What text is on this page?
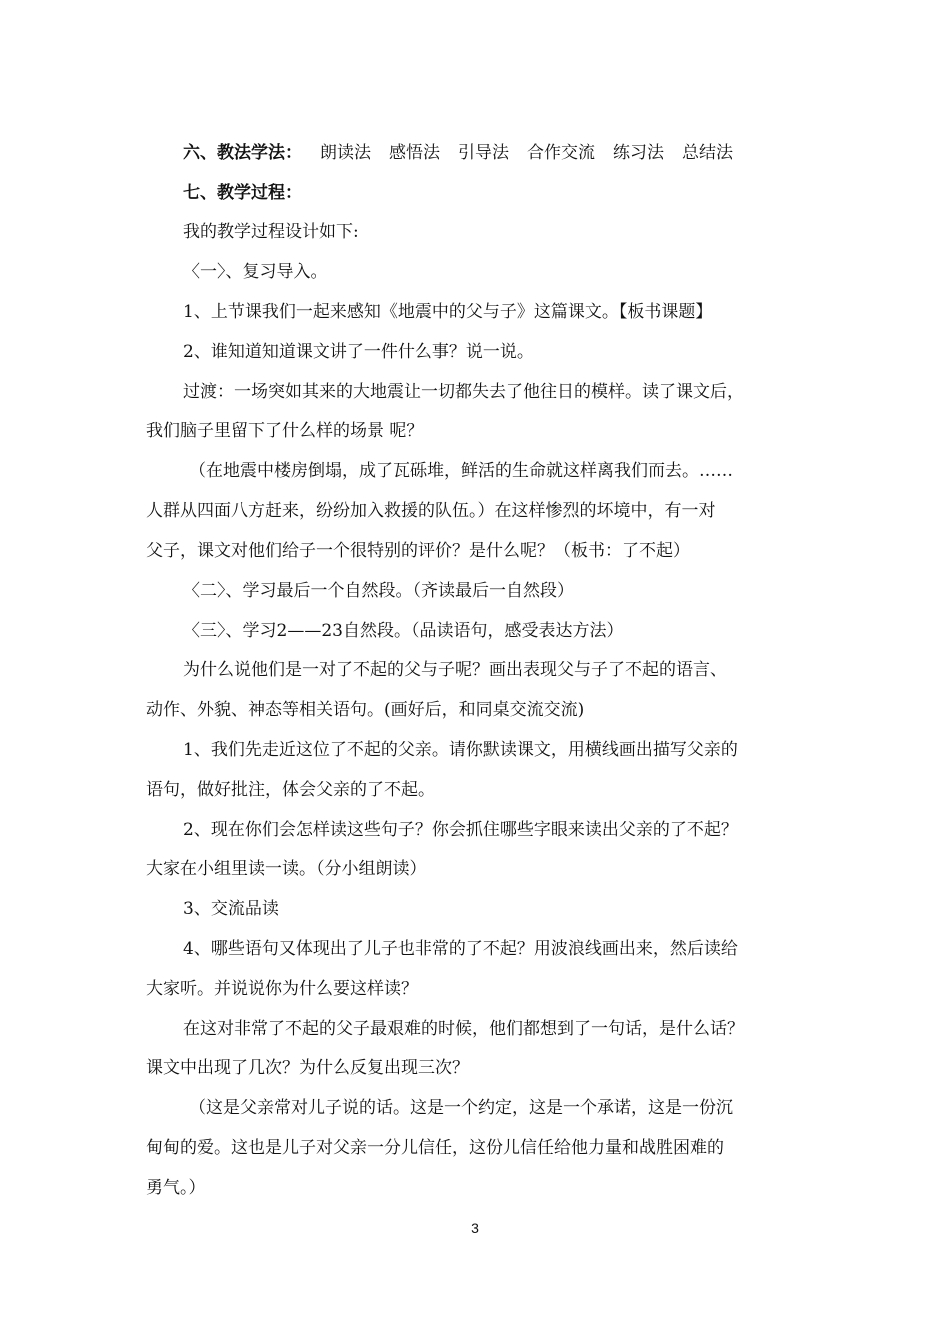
六、教法学法： 朗读法 感悟法 引导法 合作交流 练习法 总结法
七、教学过程：
我的教学过程设计如下:
〈一〉、复习导入。
1、上节课我们一起来感知《地震中的父与子》这篇课文。【板书课题】
2、谁知道知道课文讲了一件什么事？说一说。
过渡：一场突如其来的大地震让一切都失去了他往日的模样。读了课文后，
我们脑子里留下了什么样的场景 呢？
（在地震中楼房倒塌，成了瓦砾堆，鲜活的生命就这样离我们而去。……
人群从四面八方赶来，纷纷加入救援的队伍。）在这样惨烈的坏境中，有一对
父子，课文对他们给子一个很特别的评价？是什么呢？（板书：了不起）
〈二〉、学习最后一个自然段。（齐读最后一自然段）
〈三〉、学习2——23自然段。（品读语句，感受表达方法）
为什么说他们是一对了不起的父与子呢？画出表现父与子了不起的语言、
动作、外貌、神态等相关语句。(画好后，和同桌交流交流)
1、我们先走近这位了不起的父亲。请你默读课文，用横线画出描写父亲的
语句，做好批注，体会父亲的了不起。
2、现在你们会怎样读这些句子？你会抓住哪些字眼来读出父亲的了不起？
大家在小组里读一读。（分小组朗读）
3、交流品读
4、哪些语句又体现出了儿子也非常的了不起？用波浪线画出来，然后读给
大家听。并说说你为什么要这样读？
在这对非常了不起的父子最艰难的时候，他们都想到了一句话，是什么话？
课文中出现了几次？为什么反复出现三次？
（这是父亲常对儿子说的话。这是一个约定，这是一个承诺，这是一份沉
甸甸的爱。这也是儿子对父亲一分儿信任，这份儿信任给他力量和战胜困难的
勇气。）
3
